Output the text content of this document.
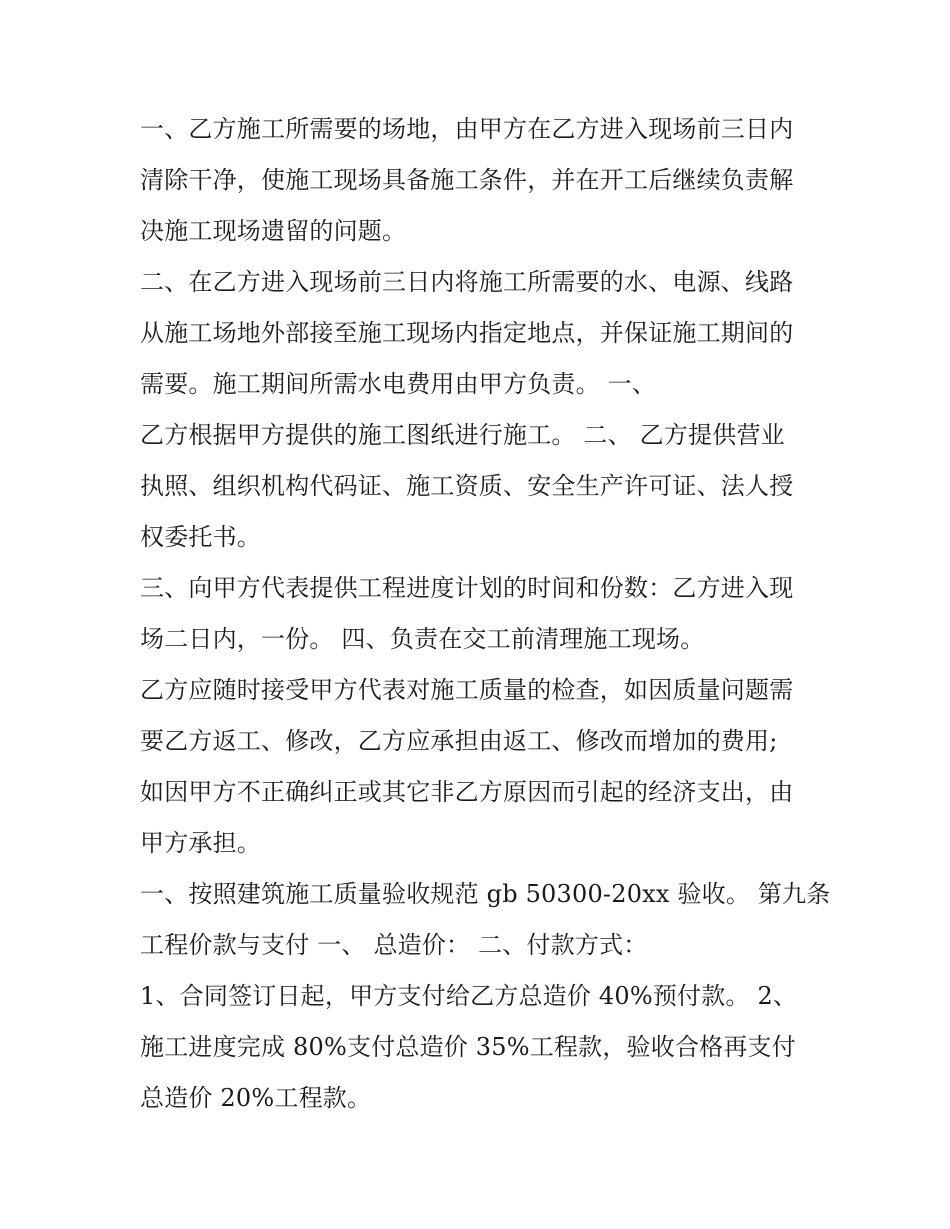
一、乙方施工所需要的场地，由甲方在乙方进入现场前三日内
清除干净，使施工现场具备施工条件，并在开工后继续负责解
决施工现场遗留的问题。
二、在乙方进入现场前三日内将施工所需要的水、电源、线路
从施工场地外部接至施工现场内指定地点，并保证施工期间的
需要。施工期间所需水电费用由甲方负责。 一、
乙方根据甲方提供的施工图纸进行施工。 二、 乙方提供营业
执照、组织机构代码证、施工资质、安全生产许可证、法人授
权委托书。
三、向甲方代表提供工程进度计划的时间和份数：乙方进入现
场二日内，一份。 四、负责在交工前清理施工现场。
乙方应随时接受甲方代表对施工质量的检查，如因质量问题需
要乙方返工、修改，乙方应承担由返工、修改而增加的费用;
如因甲方不正确纠正或其它非乙方原因而引起的经济支出，由
甲方承担。
一、按照建筑施工质量验收规范 gb 50300-20xx 验收。 第九条
工程价款与支付 一、 总造价： 二、付款方式：
1、合同签订日起，甲方支付给乙方总造价 40%预付款。 2、
施工进度完成 80%支付总造价 35%工程款，验收合格再支付
总造价 20%工程款。
